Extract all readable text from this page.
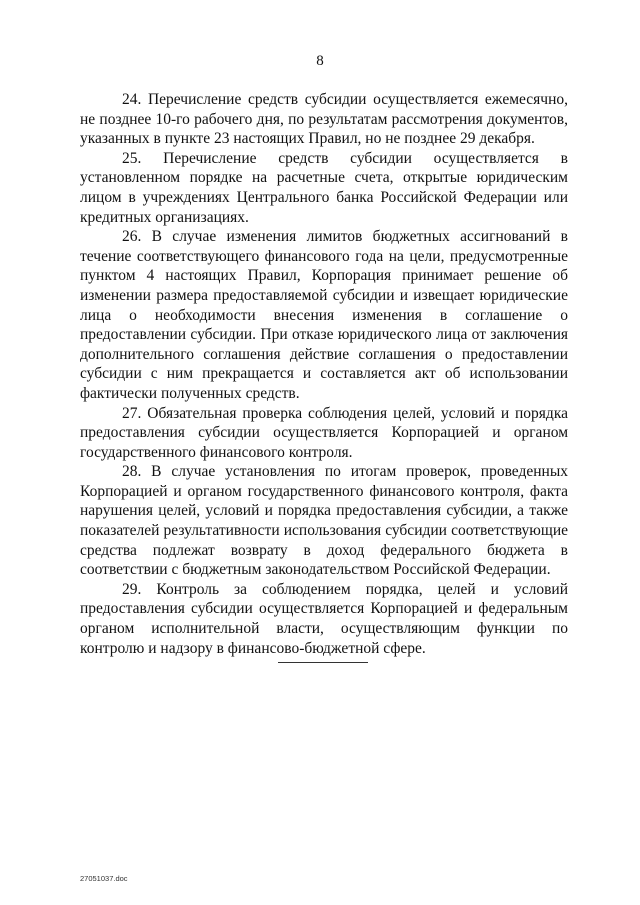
8

24. Перечисление средств субсидии осуществляется ежемесячно, не позднее 10-го рабочего дня, по результатам рассмотрения документов, указанных в пункте 23 настоящих Правил, но не позднее 29 декабря.

25. Перечисление средств субсидии осуществляется в установленном порядке на расчетные счета, открытые юридическим лицом в учреждениях Центрального банка Российской Федерации или кредитных организациях.

26. В случае изменения лимитов бюджетных ассигнований в течение соответствующего финансового года на цели, предусмотренные пунктом 4 настоящих Правил, Корпорация принимает решение об изменении размера предоставляемой субсидии и извещает юридические лица о необходимости внесения изменения в соглашение о предоставлении субсидии. При отказе юридического лица от заключения дополнительного соглашения действие соглашения о предоставлении субсидии с ним прекращается и составляется акт об использовании фактически полученных средств.

27. Обязательная проверка соблюдения целей, условий и порядка предоставления субсидии осуществляется Корпорацией и органом государственного финансового контроля.

28. В случае установления по итогам проверок, проведенных Корпорацией и органом государственного финансового контроля, факта нарушения целей, условий и порядка предоставления субсидии, а также показателей результативности использования субсидии соответствующие средства подлежат возврату в доход федерального бюджета в соответствии с бюджетным законодательством Российской Федерации.

29. Контроль за соблюдением порядка, целей и условий предоставления субсидии осуществляется Корпорацией и федеральным органом исполнительной власти, осуществляющим функции по контролю и надзору в финансово-бюджетной сфере.

27051037.doc
